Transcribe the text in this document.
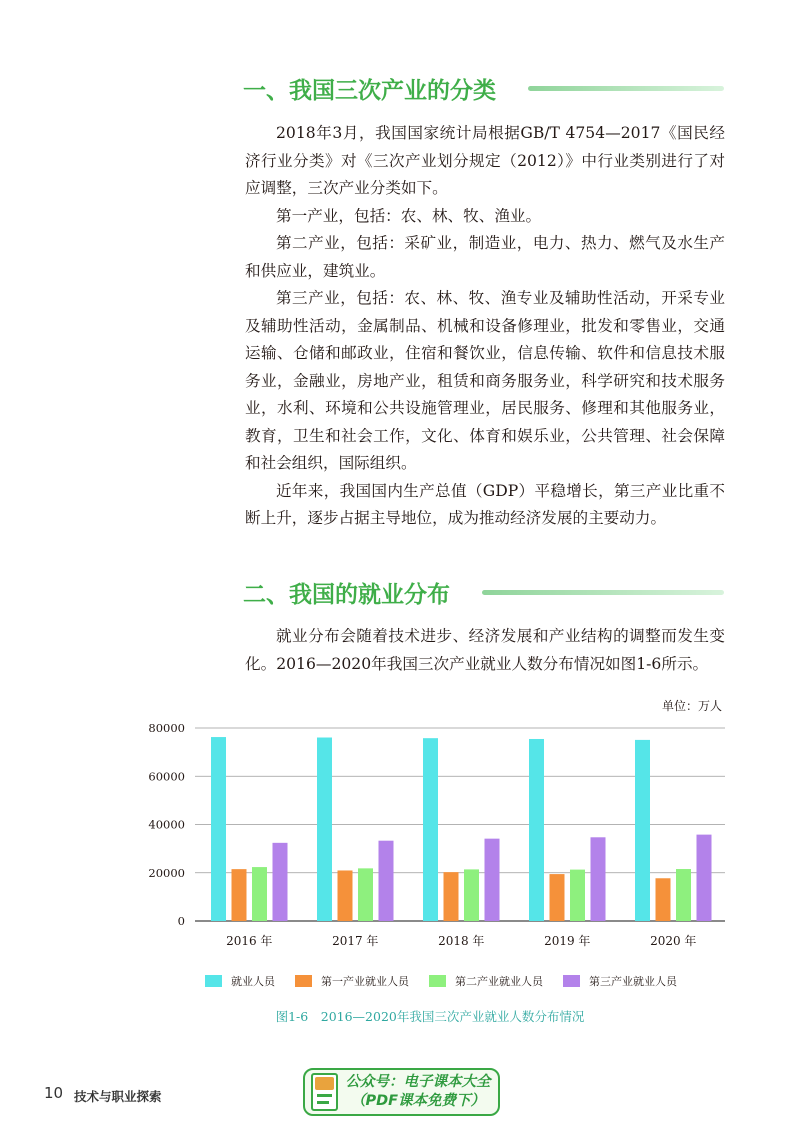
一、我国三次产业的分类

2018年3月，我国国家统计局根据GB/T 4754—2017《国民经济行业分类》对《三次产业划分规定（2012）》中行业类别进行了对应调整，三次产业分类如下。

第一产业，包括：农、林、牧、渔业。

第二产业，包括：采矿业，制造业，电力、热力、燃气及水生产和供应业，建筑业。

第三产业，包括：农、林、牧、渔专业及辅助性活动，开采专业及辅助性活动，金属制品、机械和设备修理业，批发和零售业，交通运输、仓储和邮政业，住宿和餐饮业，信息传输、软件和信息技术服务业，金融业，房地产业，租赁和商务服务业，科学研究和技术服务业，水利、环境和公共设施管理业，居民服务、修理和其他服务业，教育，卫生和社会工作，文化、体育和娱乐业，公共管理、社会保障和社会组织，国际组织。

近年来，我国国内生产总值（GDP）平稳增长，第三产业比重不断上升，逐步占据主导地位，成为推动经济发展的主要动力。

二、我国的就业分布

就业分布会随着技术进步、经济发展和产业结构的调整而发生变化。2016—2020年我国三次产业就业人数分布情况如图1-6所示。

单位：万人
0
20000
40000
60000
80000
2016 年	2017 年	2018 年	2019 年	2020 年
就业人员	第一产业就业人员	第二产业就业人员	第三产业就业人员
图1-6　2016—2020年我国三次产业就业人数分布情况
10 技术与职业探索
公众号：电子课本大全
（PDF课本免费下）
